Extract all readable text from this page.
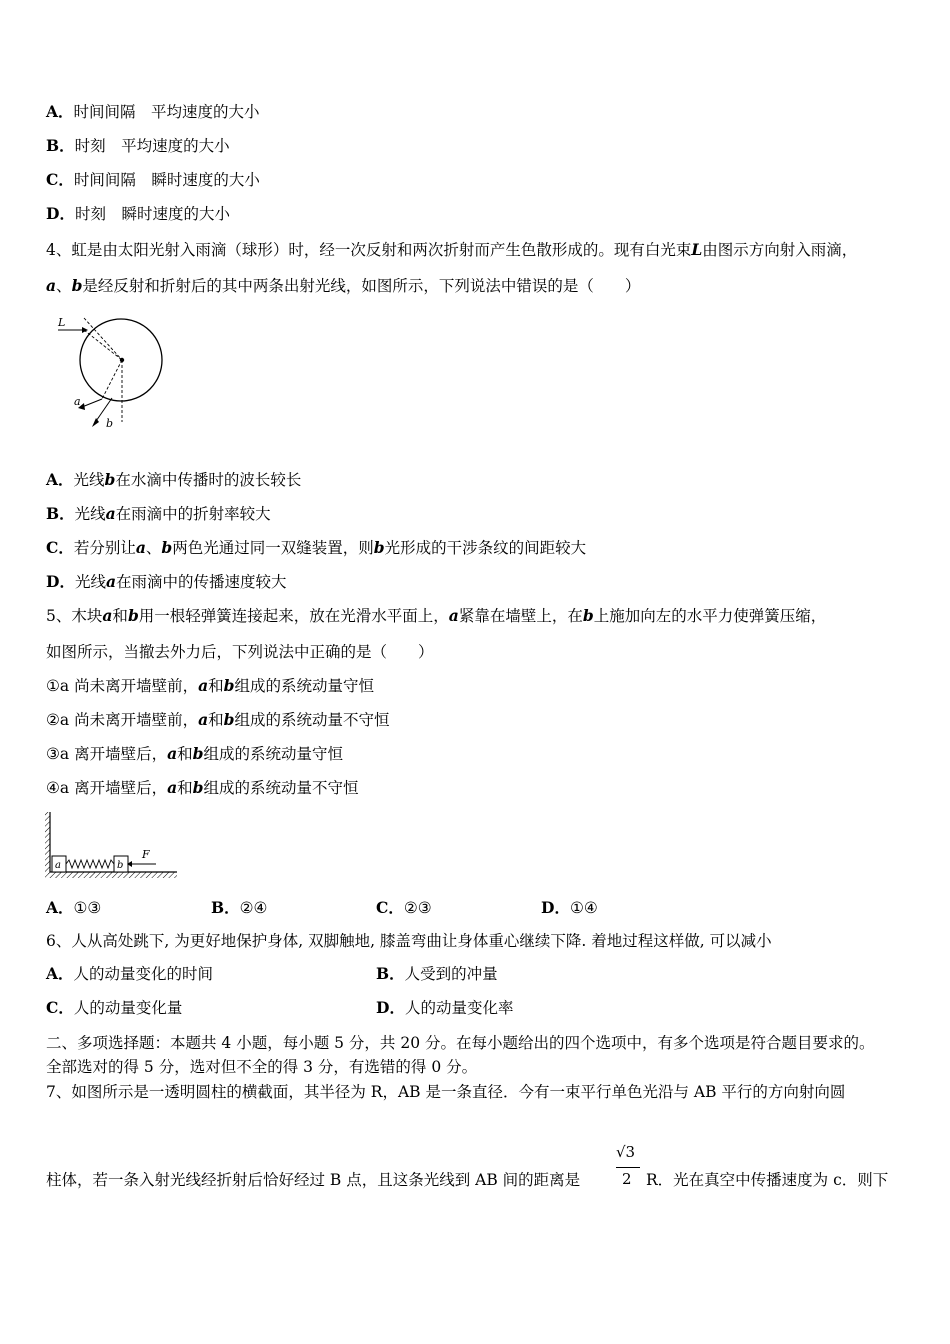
A．时间间隔　平均速度的大小
B．时刻　平均速度的大小
C．时间间隔　瞬时速度的大小
D．时刻　瞬时速度的大小
4、虹是由太阳光射入雨滴（球形）时，经一次反射和两次折射而产生色散形成的。现有白光束L由图示方向射入雨滴，
a、b是经反射和折射后的其中两条出射光线，如图所示，下列说法中错误的是（　　）
L
a
b
A．光线b在水滴中传播时的波长较长
B．光线a在雨滴中的折射率较大
C．若分别让a、b两色光通过同一双缝装置，则b光形成的干涉条纹的间距较大
D．光线a在雨滴中的传播速度较大
5、木块a和b用一根轻弹簧连接起来，放在光滑水平面上，a紧靠在墙壁上，在b上施加向左的水平力使弹簧压缩，
如图所示，当撤去外力后，下列说法中正确的是（　　）
①a 尚未离开墙壁前，a和b组成的系统动量守恒
②a 尚未离开墙壁前，a和b组成的系统动量不守恒
③a 离开墙壁后，a和b组成的系统动量守恒
④a 离开墙壁后，a和b组成的系统动量不守恒
a	b
F
A．①③	B．②④	C．②③	D．①④
6、人从高处跳下, 为更好地保护身体, 双脚触地, 膝盖弯曲让身体重心继续下降. 着地过程这样做, 可以减小
A．人的动量变化的时间	B．人受到的冲量
C．人的动量变化量	D．人的动量变化率
二、多项选择题：本题共 4 小题，每小题 5 分，共 20 分。在每小题给出的四个选项中，有多个选项是符合题目要求的。
全部选对的得 5 分，选对但不全的得 3 分，有选错的得 0 分。
7、如图所示是一透明圆柱的横截面，其半径为 R，AB 是一条直径．今有一束平行单色光沿与 AB 平行的方向射向圆
柱体，若一条入射光线经折射后恰好经过 B 点，且这条光线到 AB 间的距离是
√3
2 R．光在真空中传播速度为 c．则下
